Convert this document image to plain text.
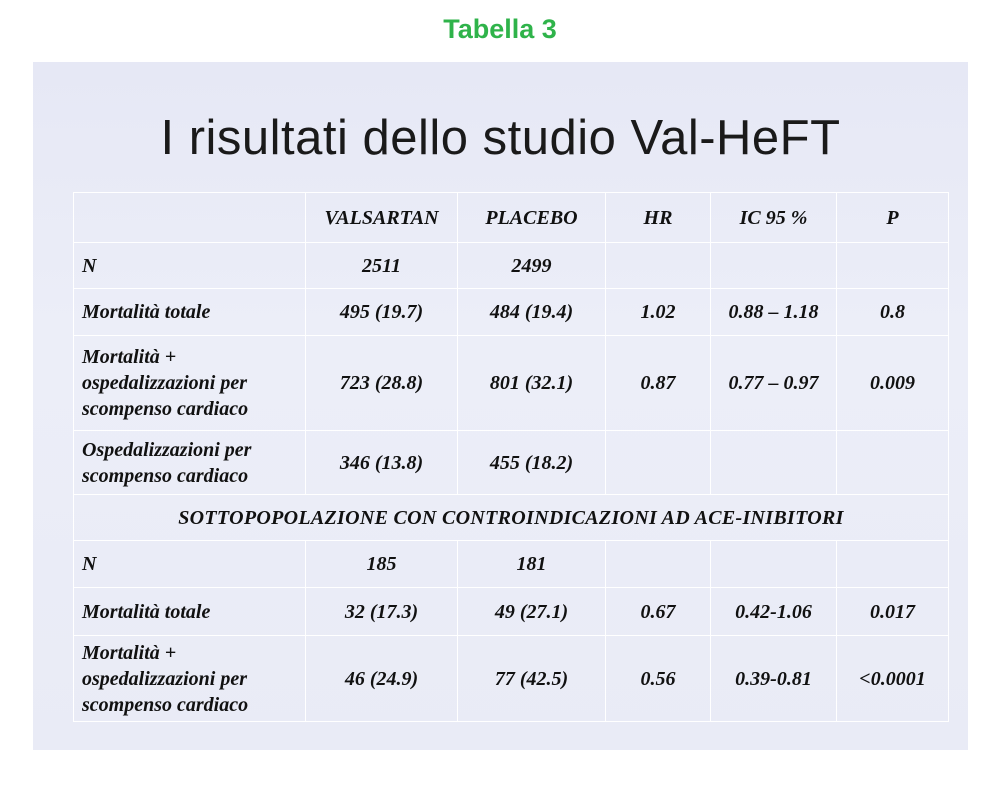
Tabella 3
I risultati dello studio Val-HeFT
	VALSARTAN	PLACEBO	HR	IC 95 %	P
N	2511	2499			
Mortalità totale	495 (19.7)	484 (19.4)	1.02	0.88 – 1.18	0.8
Mortalità +
ospedalizzazioni per
scompenso cardiaco	723 (28.8)	801 (32.1)	0.87	0.77 – 0.97	0.009
Ospedalizzazioni per
scompenso cardiaco	346 (13.8)	455 (18.2)			
SOTTOPOPOLAZIONE CON CONTROINDICAZIONI AD ACE-INIBITORI					
N	185	181			
Mortalità totale	32 (17.3)	49 (27.1)	0.67	0.42-1.06	0.017
Mortalità +
ospedalizzazioni per
scompenso cardiaco	46 (24.9)	77 (42.5)	0.56	0.39-0.81	<0.0001
